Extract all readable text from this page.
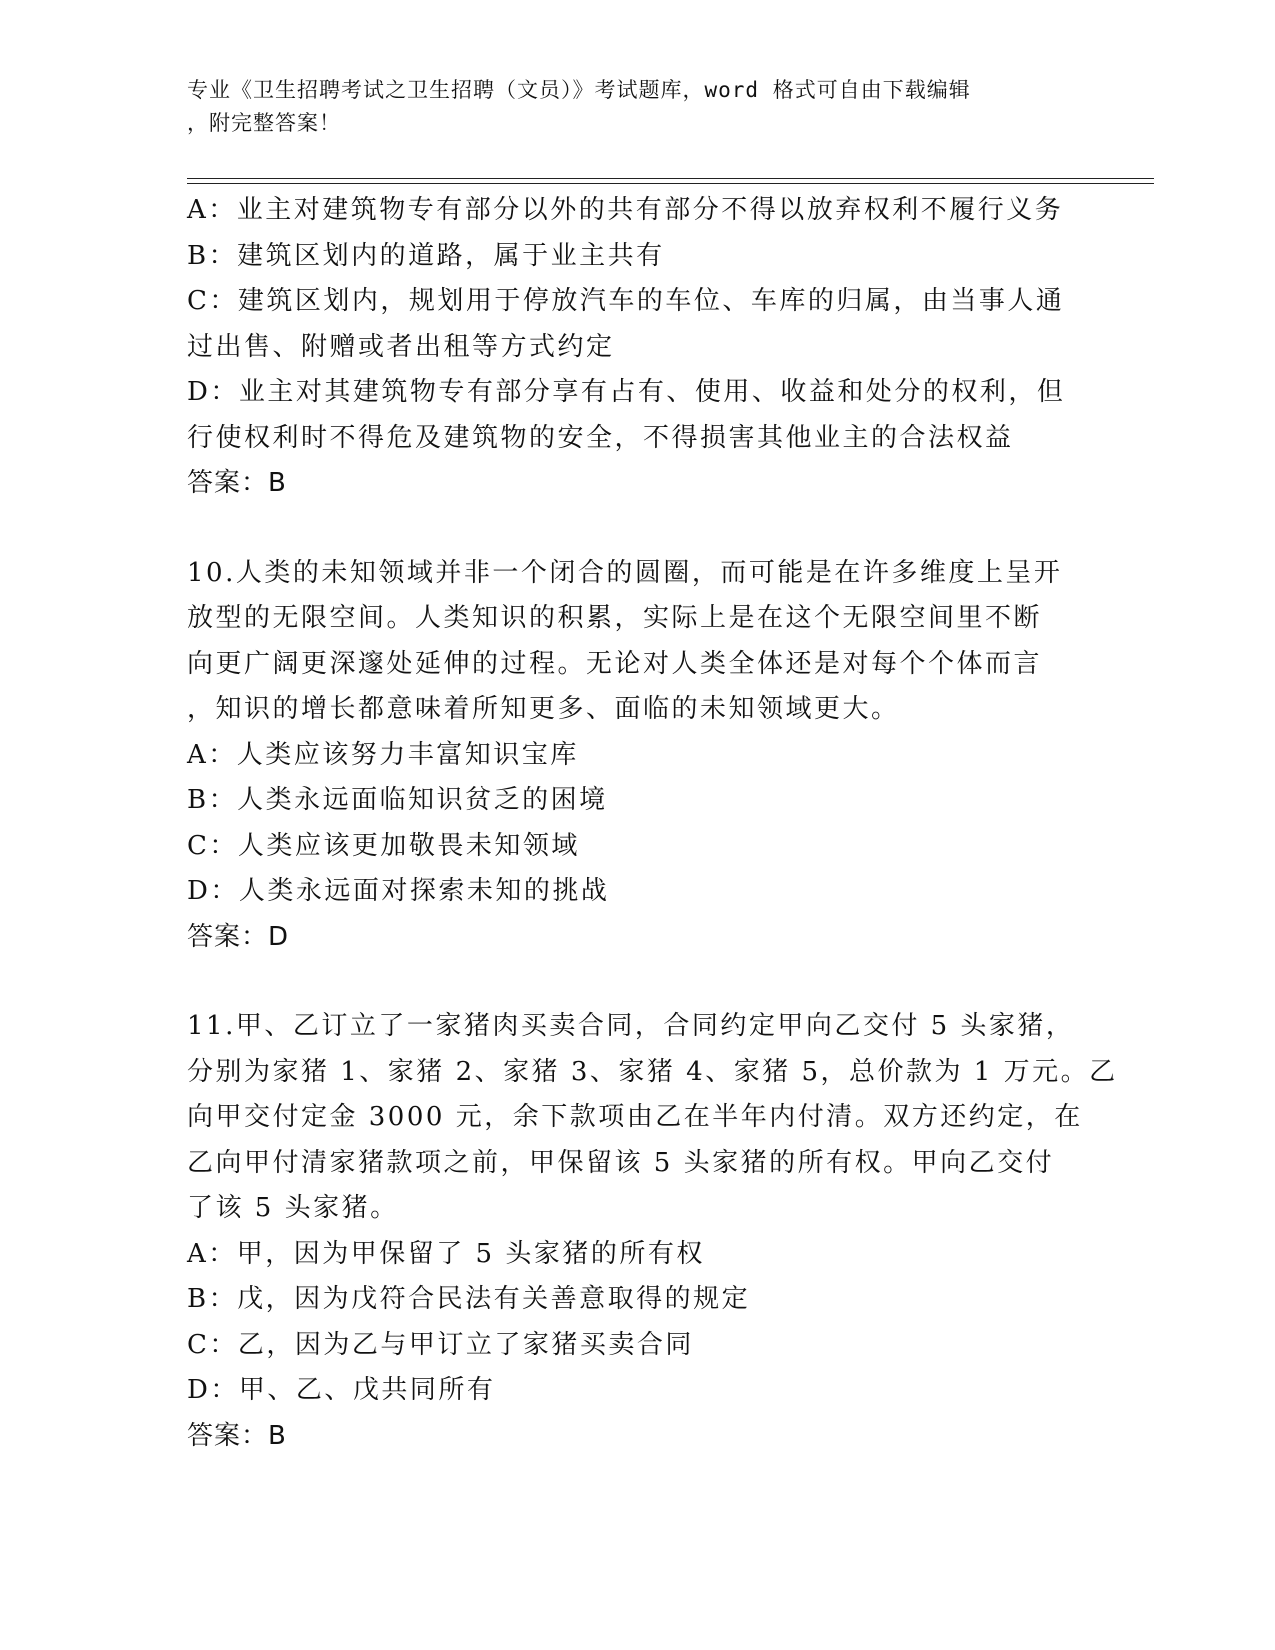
专业《卫生招聘考试之卫生招聘（文员）》考试题库，word 格式可自由下载编辑
，附完整答案！
A：业主对建筑物专有部分以外的共有部分不得以放弃权利不履行义务
B：建筑区划内的道路，属于业主共有
C：建筑区划内，规划用于停放汽车的车位、车库的归属，由当事人通
过出售、附赠或者出租等方式约定
D：业主对其建筑物专有部分享有占有、使用、收益和处分的权利，但
行使权利时不得危及建筑物的安全，不得损害其他业主的合法权益
答案：B
10.人类的未知领域并非一个闭合的圆圈，而可能是在许多维度上呈开
放型的无限空间。人类知识的积累，实际上是在这个无限空间里不断
向更广阔更深邃处延伸的过程。无论对人类全体还是对每个个体而言
，知识的增长都意味着所知更多、面临的未知领域更大。
A：人类应该努力丰富知识宝库
B：人类永远面临知识贫乏的困境
C：人类应该更加敬畏未知领域
D：人类永远面对探索未知的挑战
答案：D
11.甲、乙订立了一家猪肉买卖合同，合同约定甲向乙交付 5 头家猪，
分别为家猪 1、家猪 2、家猪 3、家猪 4、家猪 5，总价款为 1 万元。乙
向甲交付定金 3000 元，余下款项由乙在半年内付清。双方还约定，在
乙向甲付清家猪款项之前，甲保留该 5 头家猪的所有权。甲向乙交付
了该 5 头家猪。
A：甲，因为甲保留了 5 头家猪的所有权
B：戊，因为戊符合民法有关善意取得的规定
C：乙，因为乙与甲订立了家猪买卖合同
D：甲、乙、戊共同所有
答案：B
